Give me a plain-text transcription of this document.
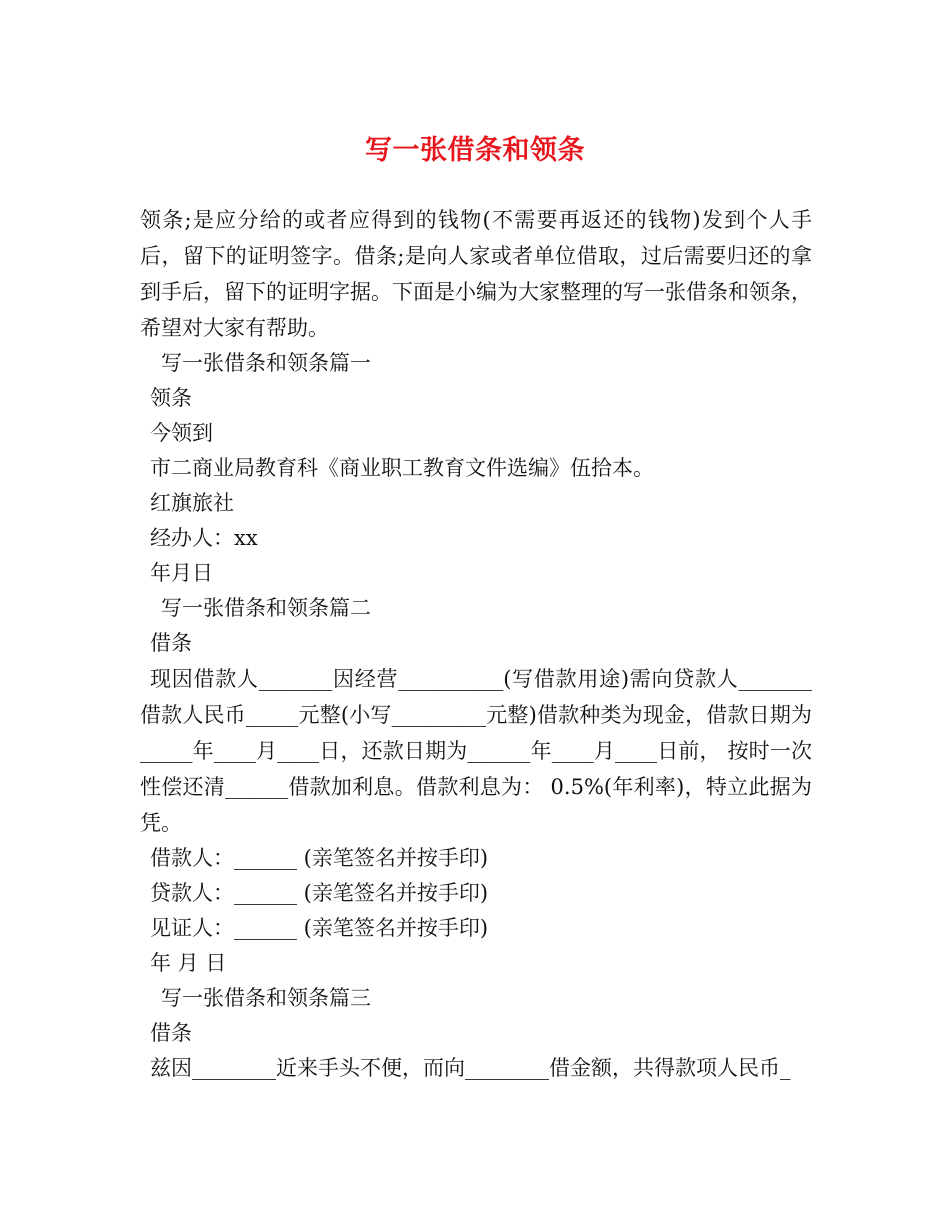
写一张借条和领条
领条;是应分给的或者应得到的钱物(不需要再返还的钱物)发到个人手后，留下的证明签字。借条;是向人家或者单位借取，过后需要归还的拿到手后，留下的证明字据。下面是小编为大家整理的写一张借条和领条，希望对大家有帮助。
写一张借条和领条篇一
领条
今领到
市二商业局教育科《商业职工教育文件选编》伍拾本。
红旗旅社
经办人：xx
年月日
写一张借条和领条篇二
借条
现因借款人_______因经营__________(写借款用途)需向贷款人_______借款人民币_____元整(小写_________元整)借款种类为现金，借款日期为_____年____月____日，还款日期为______年____月____日前， 按时一次性偿还清______借款加利息。借款利息为： 0.5%(年利率)，特立此据为凭。
借款人：______ (亲笔签名并按手印)
贷款人：______ (亲笔签名并按手印)
见证人：______ (亲笔签名并按手印)
年 月 日
写一张借条和领条篇三
借条
兹因________近来手头不便，而向________借金额，共得款项人民币_
